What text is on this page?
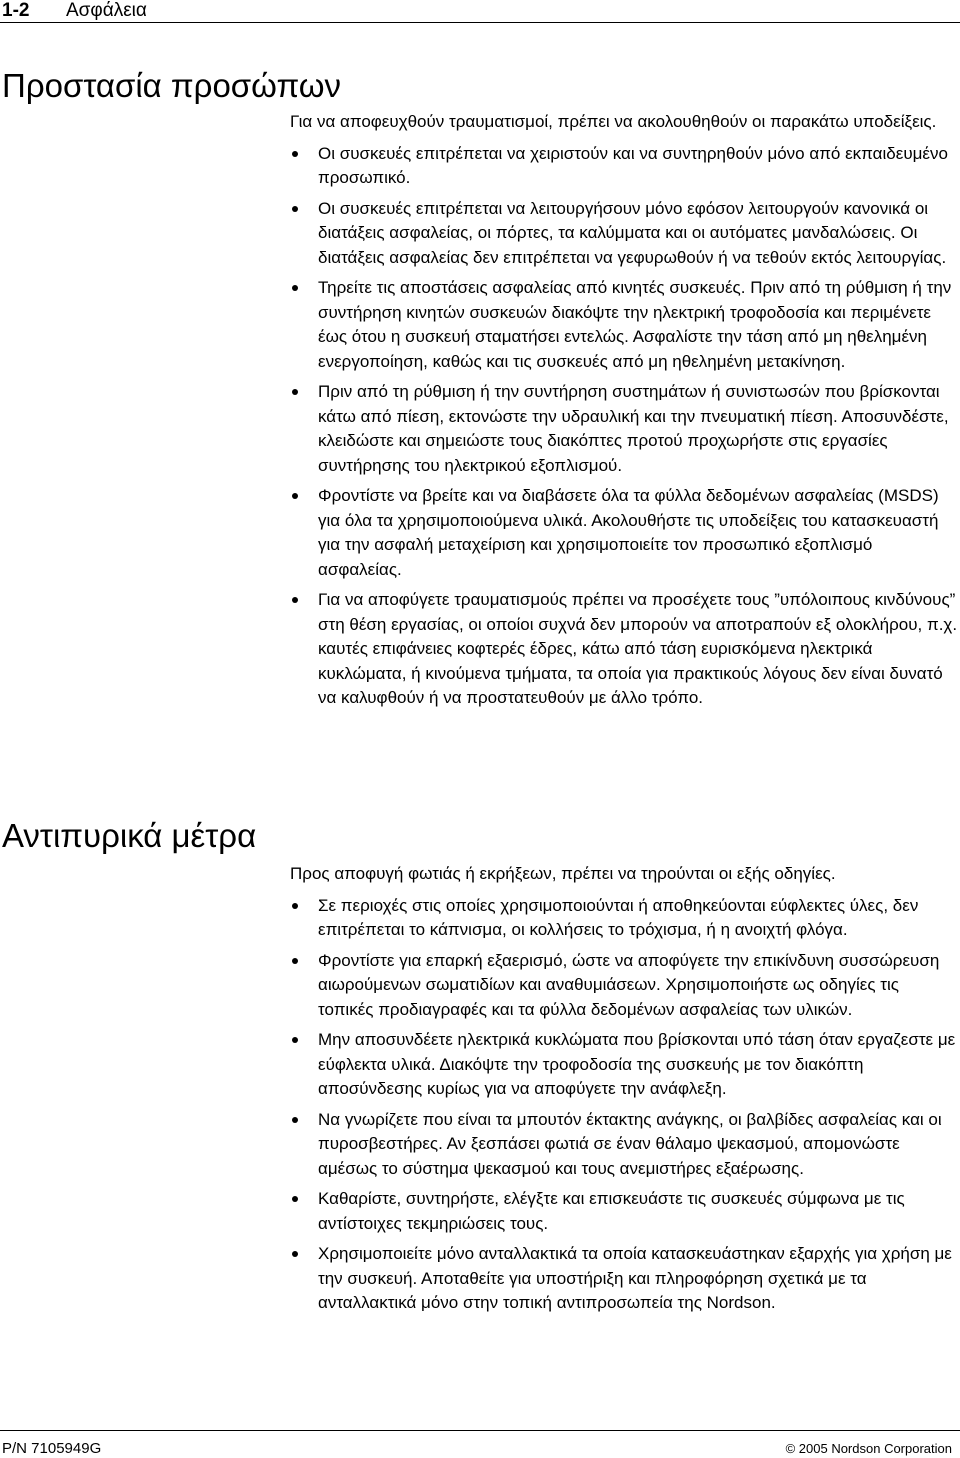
1-2 Ασφάλεια
Προστασία προσώπων

Για να αποφευχθούν τραυματισμοί, πρέπει να ακολουθηθούν οι παρακάτω υποδείξεις.

Οι συσκευές επιτρέπεται να χειριστούν και να συντηρηθούν μόνο από εκπαιδευμένο προσωπικό.
Οι συσκευές επιτρέπεται να λειτουργήσουν μόνο εφόσον λειτουργούν κανονικά οι διατάξεις ασφαλείας, οι πόρτες, τα καλύμματα και οι αυτόματες μανδαλώσεις. Οι διατάξεις ασφαλείας δεν επιτρέπεται να γεφυρωθούν ή να τεθούν εκτός λειτουργίας.
Τηρείτε τις αποστάσεις ασφαλείας από κινητές συσκευές. Πριν από τη ρύθμιση ή την συντήρηση κινητών συσκευών διακόψτε την ηλεκτρική τροφοδοσία και περιμένετε έως ότου η συσκευή σταματήσει εντελώς. Ασφαλίστε την τάση από μη ηθελημένη ενεργοποίηση, καθώς και τις συσκευές από μη ηθελημένη μετακίνηση.
Πριν από τη ρύθμιση ή την συντήρηση συστημάτων ή συνιστωσών που βρίσκονται κάτω από πίεση, εκτονώστε την υδραυλική και την πνευματική πίεση. Αποσυνδέστε, κλειδώστε και σημειώστε τους διακόπτες προτού προχωρήστε στις εργασίες συντήρησης του ηλεκτρικού εξοπλισμού.
Φροντίστε να βρείτε και να διαβάσετε όλα τα φύλλα δεδομένων ασφαλείας (MSDS) για όλα τα χρησιμοποιούμενα υλικά. Ακολουθήστε τις υποδείξεις του κατασκευαστή για την ασφαλή μεταχείριση και χρησιμοποιείτε τον προσωπικό εξοπλισμό ασφαλείας.
Για να αποφύγετε τραυματισμούς πρέπει να προσέχετε τους ”υπόλοιπους κινδύνους” στη θέση εργασίας, οι οποίοι συχνά δεν μπορούν να αποτραπούν εξ ολοκλήρου, π.χ. καυτές επιφάνειες κοφτερές έδρες, κάτω από τάση ευρισκόμενα ηλεκτρικά κυκλώματα, ή κινούμενα τμήματα, τα οποία για πρακτικούς λόγους δεν είναι δυνατό να καλυφθούν ή να προστατευθούν με άλλο τρόπο.
Αντιπυρικά μέτρα

Προς αποφυγή φωτιάς ή εκρήξεων, πρέπει να τηρούνται οι εξής οδηγίες.

Σε περιοχές στις οποίες χρησιμοποιούνται ή αποθηκεύονται εύφλεκτες ύλες, δεν επιτρέπεται το κάπνισμα, οι κολλήσεις το τρόχισμα, ή η ανοιχτή φλόγα.
Φροντίστε για επαρκή εξαερισμό, ώστε να αποφύγετε την επικίνδυνη συσσώρευση αιωρούμενων σωματιδίων και αναθυμιάσεων. Χρησιμοποιήστε ως οδηγίες τις τοπικές προδιαγραφές και τα φύλλα δεδομένων ασφαλείας των υλικών.
Μην αποσυνδέετε ηλεκτρικά κυκλώματα που βρίσκονται υπό τάση όταν εργαζεστε με εύφλεκτα υλικά. Διακόψτε την τροφοδοσία της συσκευής με τον διακόπτη αποσύνδεσης κυρίως για να αποφύγετε την ανάφλεξη.
Να γνωρίζετε που είναι τα μπουτόν έκτακτης ανάγκης, οι βαλβίδες ασφαλείας και οι πυροσβεστήρες. Αν ξεσπάσει φωτιά σε έναν θάλαμο ψεκασμού, απομονώστε αμέσως το σύστημα ψεκασμού και τους ανεμιστήρες εξαέρωσης.
Καθαρίστε, συντηρήστε, ελέγξτε και επισκευάστε τις συσκευές σύμφωνα με τις αντίστοιχες τεκμηριώσεις τους.
Χρησιμοποιείτε μόνο ανταλλακτικά τα οποία κατασκευάστηκαν εξαρχής για χρήση με την συσκευή. Αποταθείτε για υποστήριξη και πληροφόρηση σχετικά με τα ανταλλακτικά μόνο στην τοπική αντιπροσωπεία της Nordson.
P/N 7105949G	© 2005 Nordson Corporation
